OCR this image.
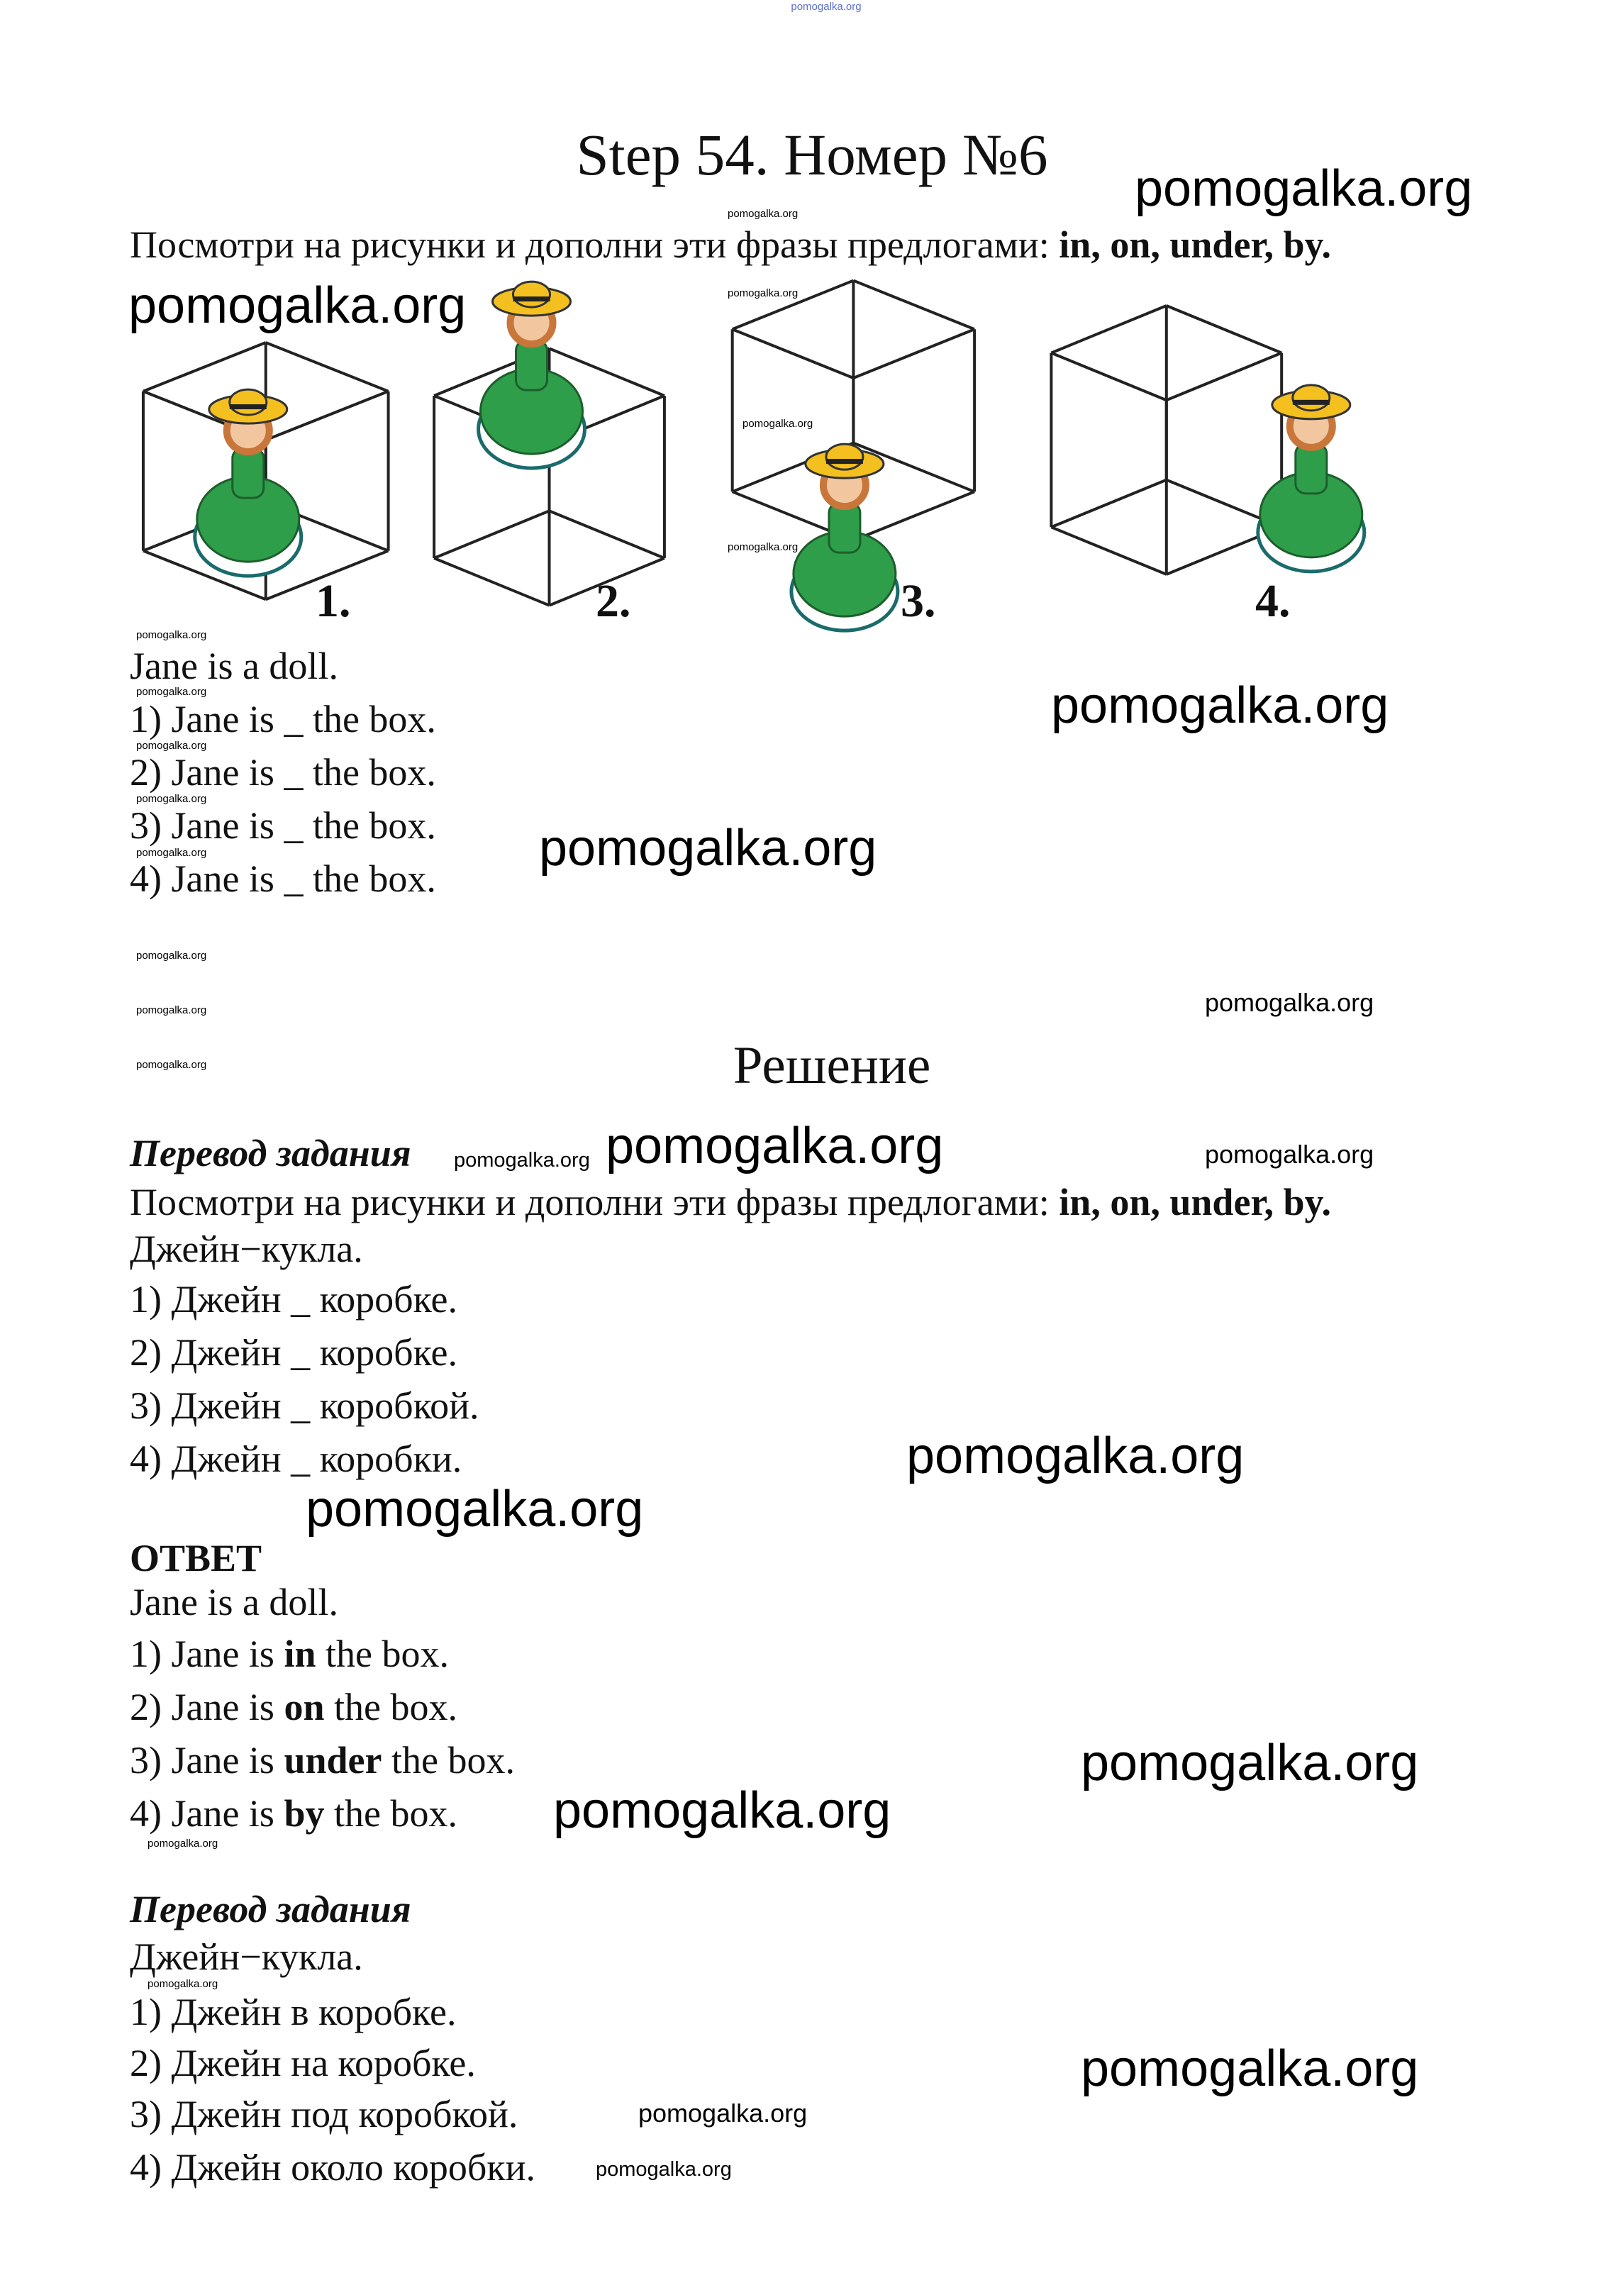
pomogalka.org
Step 54. Номер №6
Посмотри на рисунки и дополни эти фразы предлогами: in, on, under, by.
1.	2.	3.	4.
Jane is a doll.
1) Jane is _ the box.
2) Jane is _ the box.
3) Jane is _ the box.
4) Jane is _ the box.
Решение
Перевод задания
Посмотри на рисунки и дополни эти фразы предлогами: in, on, under, by.
Джейн−кукла.
1) Джейн _ коробке.
2) Джейн _ коробке.
3) Джейн _ коробкой.
4) Джейн _ коробки.
ОТВЕТ
Jane is a doll.
1) Jane is in the box.
2) Jane is on the box.
3) Jane is under the box.
4) Jane is by the box.
Перевод задания
Джейн−кукла.
1) Джейн в коробке.
2) Джейн на коробке.
3) Джейн под коробкой.
4) Джейн около коробки.
pomogalka.org
pomogalka.org
pomogalka.org
pomogalka.org
pomogalka.org
pomogalka.org
pomogalka.org
pomogalka.org
pomogalka.org
pomogalka.org
pomogalka.org
pomogalka.org
pomogalka.org
pomogalka.org
pomogalka.org
pomogalka.org
pomogalka.org
pomogalka.org
pomogalka.org
pomogalka.org
pomogalka.org
pomogalka.org
pomogalka.org
pomogalka.org
pomogalka.org
pomogalka.org
pomogalka.org
pomogalka.org
pomogalka.org
